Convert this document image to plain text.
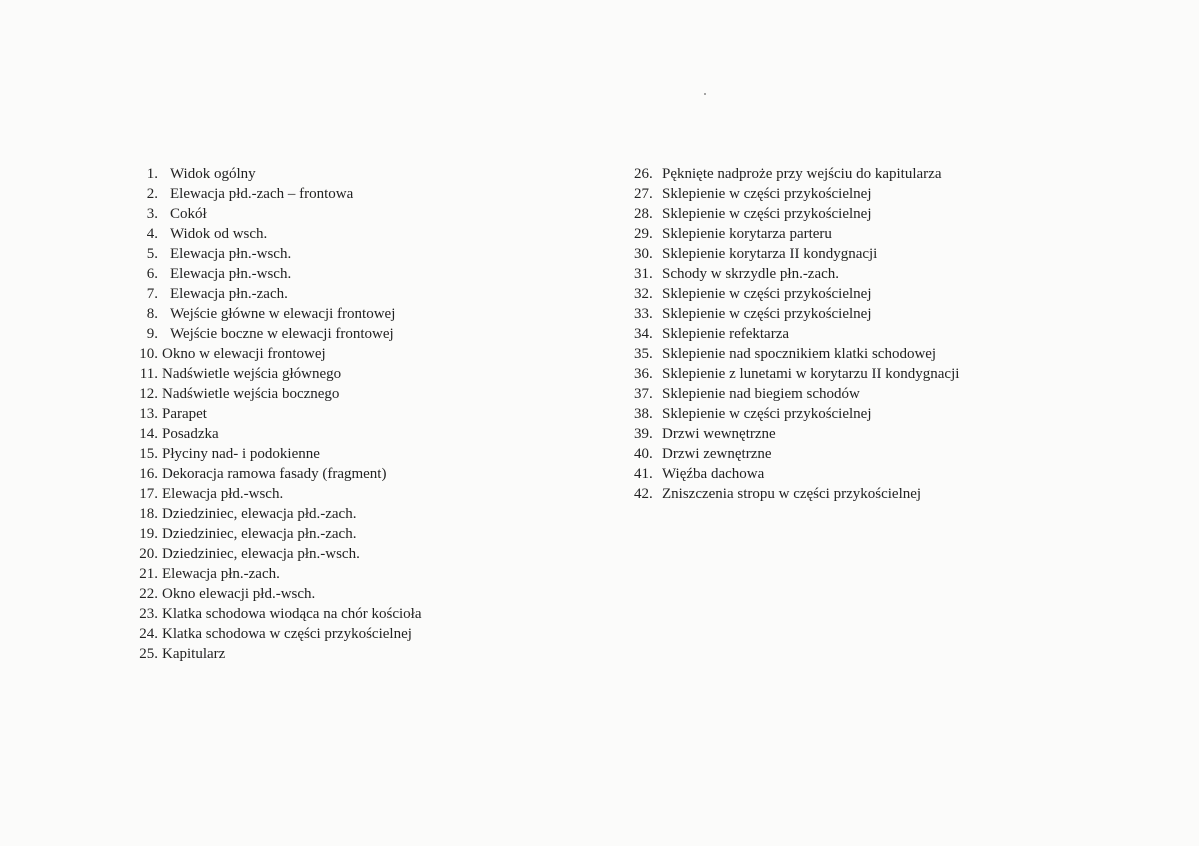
1. Widok ogólny
2. Elewacja płd.-zach – frontowa
3. Cokół
4. Widok od wsch.
5. Elewacja płn.-wsch.
6. Elewacja płn.-wsch.
7. Elewacja płn.-zach.
8. Wejście główne w elewacji frontowej
9. Wejście boczne w elewacji frontowej
10. Okno w elewacji frontowej
11. Nadświetle wejścia głównego
12. Nadświetle wejścia bocznego
13. Parapet
14. Posadzka
15. Płyciny nad- i podokienne
16. Dekoracja ramowa fasady (fragment)
17. Elewacja płd.-wsch.
18. Dziedziniec, elewacja płd.-zach.
19. Dziedziniec, elewacja płn.-zach.
20. Dziedziniec, elewacja płn.-wsch.
21. Elewacja płn.-zach.
22. Okno elewacji płd.-wsch.
23. Klatka schodowa wiodąca na chór kościoła
24. Klatka schodowa w części przykościelnej
25. Kapitularz
26. Pęknięte nadproże przy wejściu do kapitularza
27. Sklepienie w części przykościelnej
28. Sklepienie w części przykościelnej
29. Sklepienie korytarza parteru
30. Sklepienie korytarza II kondygnacji
31. Schody w skrzydle płn.-zach.
32. Sklepienie w części przykościelnej
33. Sklepienie w części przykościelnej
34. Sklepienie refektarza
35. Sklepienie nad spocznikiem klatki schodowej
36. Sklepienie z lunetami w korytarzu II kondygnacji
37. Sklepienie nad biegiem schodów
38. Sklepienie w części przykościelnej
39. Drzwi wewnętrzne
40. Drzwi zewnętrzne
41. Więźba dachowa
42. Zniszczenia stropu w części przykościelnej
